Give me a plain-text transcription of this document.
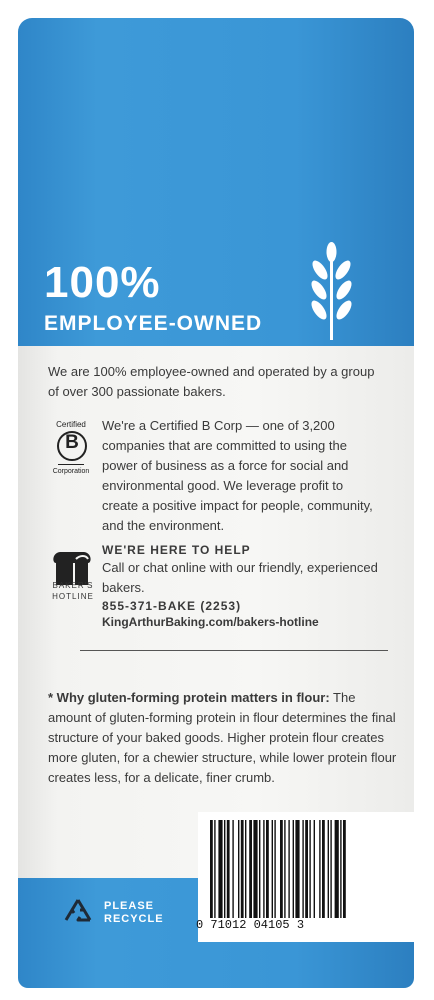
100%
EMPLOYEE-OWNED
We are 100% employee-owned and operated by a group of over 300 passionate bakers.
Certified
B
Corporation
We're a Certified B Corp — one of 3,200 companies that are committed to using the power of business as a force for social and environmental good. We leverage profit to create a positive impact for people, community, and the environment.
BAKER'S
HOTLINE
WE'RE HERE TO HELP
Call or chat online with our friendly, experienced bakers.
855-371-BAKE (2253)
KingArthurBaking.com/bakers-hotline
* Why gluten-forming protein matters in flour: The amount of gluten-forming protein in flour determines the final structure of your baked goods. Higher protein flour creates more gluten, for a chewier structure, while lower protein flour creates less, for a delicate, finer crumb.
PLEASE
RECYCLE	0 71012 04105 3
